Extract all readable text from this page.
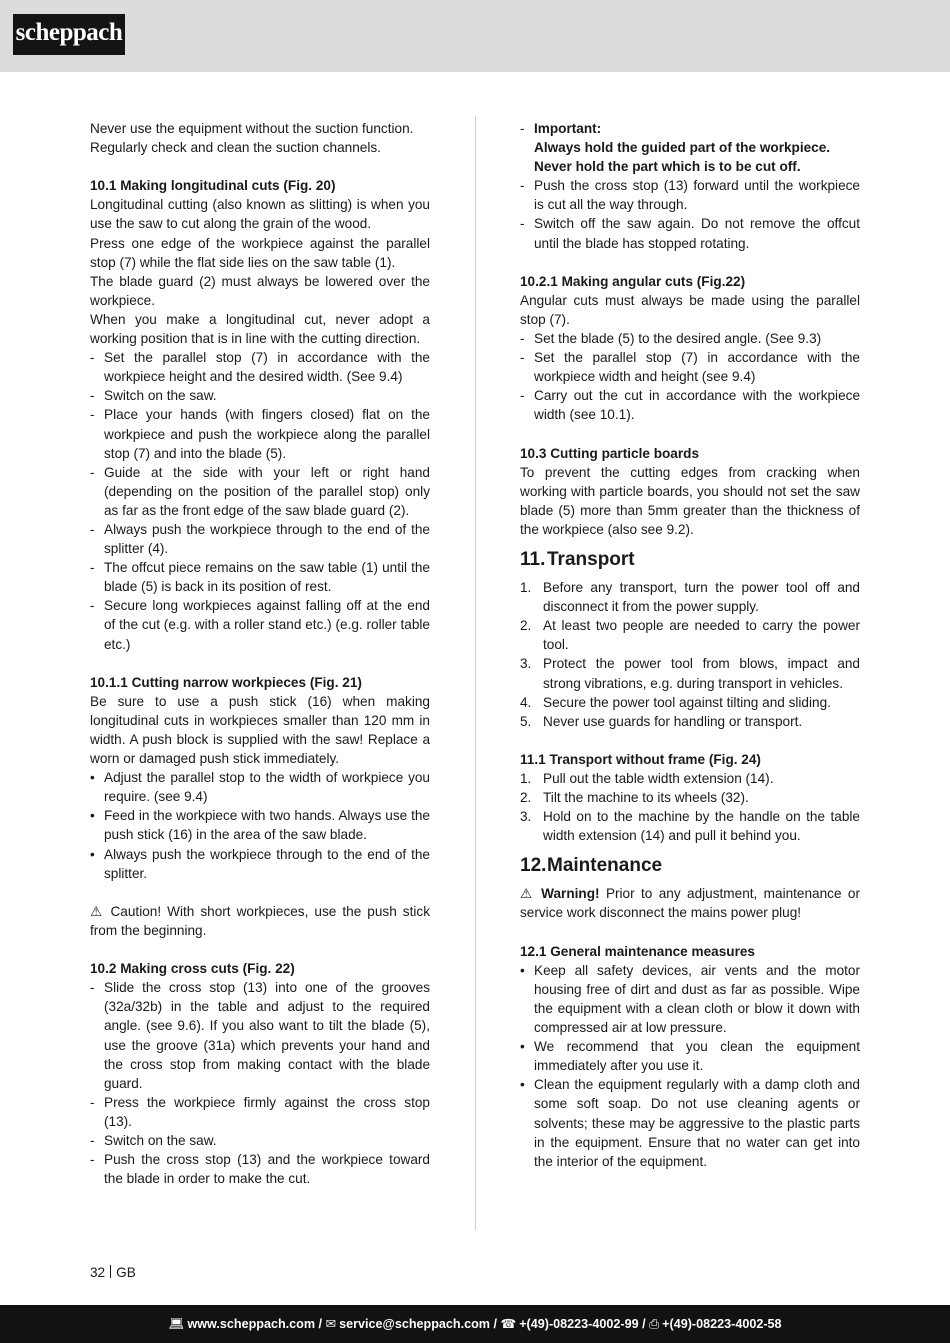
scheppach

Never use the equipment without the suction function.

Regularly check and clean the suction channels.

10.1 Making longitudinal cuts (Fig. 20)

Longitudinal cutting (also known as slitting) is when you use the saw to cut along the grain of the wood.

Press one edge of the workpiece against the parallel stop (7) while the flat side lies on the saw table (1).

The blade guard (2) must always be lowered over the workpiece.

When you make a longitudinal cut, never adopt a working position that is in line with the cutting direction.

- Set the parallel stop (7) in accordance with the workpiece height and the desired width. (See 9.4)
- Switch on the saw.
- Place your hands (with fingers closed) flat on the workpiece and push the workpiece along the parallel stop (7) and into the blade (5).
- Guide at the side with your left or right hand (depending on the position of the parallel stop) only as far as the front edge of the saw blade guard (2).
- Always push the workpiece through to the end of the splitter (4).
- The offcut piece remains on the saw table (1) until the blade (5) is back in its position of rest.
- Secure long workpieces against falling off at the end of the cut (e.g. with a roller stand etc.) (e.g. roller table etc.)
10.1.1 Cutting narrow workpieces (Fig. 21)

Be sure to use a push stick (16) when making longitudinal cuts in workpieces smaller than 120 mm in width. A push block is supplied with the saw! Replace a worn or damaged push stick immediately.

• Adjust the parallel stop to the width of workpiece you require. (see 9.4)
• Feed in the workpiece with two hands. Always use the push stick (16) in the area of the saw blade.
• Always push the workpiece through to the end of the splitter.

⚠ Caution! With short workpieces, use the push stick from the beginning.

10.2 Making cross cuts (Fig. 22)
- Slide the cross stop (13) into one of the grooves (32a/32b) in the table and adjust to the required angle. (see 9.6). If you also want to tilt the blade (5), use the groove (31a) which prevents your hand and the cross stop from making contact with the blade guard.
- Press the workpiece firmly against the cross stop (13).
- Switch on the saw.
- Push the cross stop (13) and the workpiece toward the blade in order to make the cut.
- Important:
Always hold the guided part of the workpiece.
Never hold the part which is to be cut off.
- Push the cross stop (13) forward until the workpiece is cut all the way through.
- Switch off the saw again. Do not remove the offcut until the blade has stopped rotating.
10.2.1 Making angular cuts (Fig.22)

Angular cuts must always be made using the parallel stop (7).

- Set the blade (5) to the desired angle. (See 9.3)
- Set the parallel stop (7) in accordance with the workpiece width and height (see 9.4)
- Carry out the cut in accordance with the workpiece width (see 10.1).
10.3 Cutting particle boards

To prevent the cutting edges from cracking when working with particle boards, you should not set the saw blade (5) more than 5mm greater than the thickness of the workpiece (also see 9.2).

11.Transport
1. Before any transport, turn the power tool off and disconnect it from the power supply.
2. At least two people are needed to carry the power tool.
3. Protect the power tool from blows, impact and strong vibrations, e.g. during transport in vehicles.
4. Secure the power tool against tilting and sliding.
5. Never use guards for handling or transport.
11.1 Transport without frame (Fig. 24)
1. Pull out the table width extension (14).
2. Tilt the machine to its wheels (32).
3. Hold on to the machine by the handle on the table width extension (14) and pull it behind you.
12.Maintenance

⚠ Warning! Prior to any adjustment, maintenance or service work disconnect the mains power plug!

12.1 General maintenance measures
• Keep all safety devices, air vents and the motor housing free of dirt and dust as far as possible. Wipe the equipment with a clean cloth or blow it down with compressed air at low pressure.
• We recommend that you clean the equipment immediately after you use it.
• Clean the equipment regularly with a damp cloth and some soft soap. Do not use cleaning agents or solvents; these may be aggressive to the plastic parts in the equipment. Ensure that no water can get into the interior of the equipment.
32 GB
💻︎ www.scheppach.com / ✉ service@scheppach.com / ☎ +(49)-08223-4002-99 / ⎙ +(49)-08223-4002-58
